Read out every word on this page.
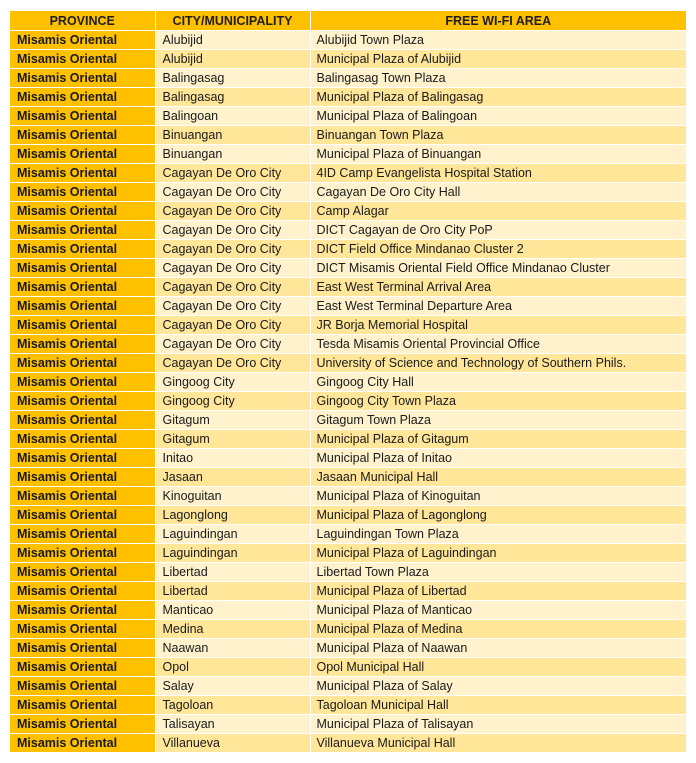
PROVINCE	CITY/MUNICIPALITY	FREE WI-FI AREA
Misamis Oriental	Alubijid	Alubijid Town Plaza
Misamis Oriental	Alubijid	Municipal Plaza of Alubijid
Misamis Oriental	Balingasag	Balingasag Town Plaza
Misamis Oriental	Balingasag	Municipal Plaza of Balingasag
Misamis Oriental	Balingoan	Municipal Plaza of Balingoan
Misamis Oriental	Binuangan	Binuangan Town Plaza
Misamis Oriental	Binuangan	Municipal Plaza of Binuangan
Misamis Oriental	Cagayan De Oro City	4ID Camp Evangelista Hospital Station
Misamis Oriental	Cagayan De Oro City	Cagayan De Oro City Hall
Misamis Oriental	Cagayan De Oro City	Camp Alagar
Misamis Oriental	Cagayan De Oro City	DICT Cagayan de Oro City PoP
Misamis Oriental	Cagayan De Oro City	DICT Field Office Mindanao Cluster 2
Misamis Oriental	Cagayan De Oro City	DICT Misamis Oriental Field Office Mindanao Cluster
Misamis Oriental	Cagayan De Oro City	East West Terminal Arrival Area
Misamis Oriental	Cagayan De Oro City	East West Terminal Departure Area
Misamis Oriental	Cagayan De Oro City	JR Borja Memorial Hospital
Misamis Oriental	Cagayan De Oro City	Tesda Misamis Oriental Provincial Office
Misamis Oriental	Cagayan De Oro City	University of Science and Technology of Southern Phils.
Misamis Oriental	Gingoog City	Gingoog City Hall
Misamis Oriental	Gingoog City	Gingoog City Town Plaza
Misamis Oriental	Gitagum	Gitagum Town Plaza
Misamis Oriental	Gitagum	Municipal Plaza of Gitagum
Misamis Oriental	Initao	Municipal Plaza of Initao
Misamis Oriental	Jasaan	Jasaan Municipal Hall
Misamis Oriental	Kinoguitan	Municipal Plaza of Kinoguitan
Misamis Oriental	Lagonglong	Municipal Plaza of Lagonglong
Misamis Oriental	Laguindingan	Laguindingan Town Plaza
Misamis Oriental	Laguindingan	Municipal Plaza of Laguindingan
Misamis Oriental	Libertad	Libertad Town Plaza
Misamis Oriental	Libertad	Municipal Plaza of Libertad
Misamis Oriental	Manticao	Municipal Plaza of Manticao
Misamis Oriental	Medina	Municipal Plaza of Medina
Misamis Oriental	Naawan	Municipal Plaza of Naawan
Misamis Oriental	Opol	Opol Municipal Hall
Misamis Oriental	Salay	Municipal Plaza of Salay
Misamis Oriental	Tagoloan	Tagoloan Municipal Hall
Misamis Oriental	Talisayan	Municipal Plaza of Talisayan
Misamis Oriental	Villanueva	Villanueva Municipal Hall
